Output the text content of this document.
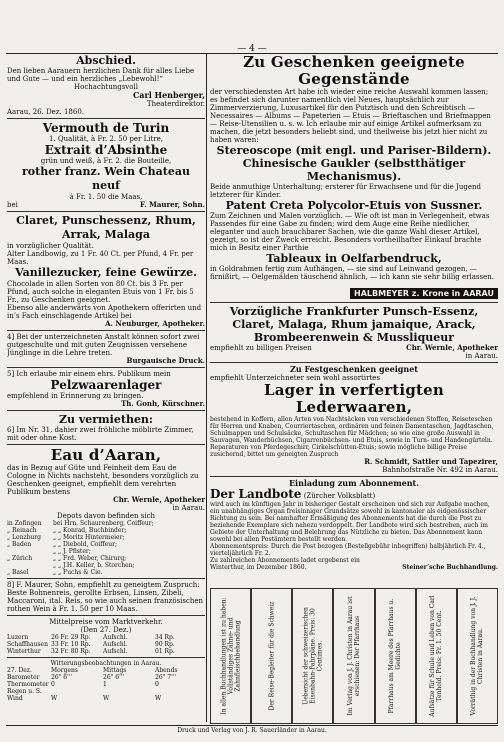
— 4 —

Abschied.

Den lieben Aarauern herzlichen Dank für alles Liebe und Gute — und ein herzliches „Lebewohl!“

Hochachtungsvoll

Carl Henberger,

Theaterdirektor.

Aarau, 26. Dez. 1860.

Vermouth de Turin

1. Qualität, à Fr. 2. 50 per Litre,

Extrait d’Absinthe

grün und weiß, à Fr. 2. die Bouteille,

rother franz. Wein Chateau neuf

à Fr. 1. 50 die Maas,

bei	F. Maurer, Sohn.

Claret, Punschessenz, Rhum,

Arrak, Malaga

in vorzüglicher Qualität.

Alter Landbowig, zu 1 Fr. 40 Ct. per Pfund, 4 Fr. per Maas.

Vanillezucker, feine Gewürze.

Chocolade in allen Sorten von 80 Ct. bis 3 Fr. per Pfund, auch solche in eleganten Etuis von 1 Fr. bis 5 Fr., zu Geschenken geeignet.

Ebenso alle anderwärts von Apothekern offerirten und in’s Fach einschlagende Artikel bei

A. Neuburger, Apotheker.

4] Bei der unterzeichneten Anstalt können sofort zwei gutgeschulte und mit guten Zeugnissen versehene Jünglinge in die Lehre treten.

Burgauische Druck.

5] Ich erlaube mir einem ehrs. Publikum mein

Pelzwaarenlager

empfehlend in Erinnerung zu bringen.

Th. Gonh, Kürschner.

Zu vermiethen:

6] Im Nr. 31, dahier zwei fröhliche möblirte Zimmer, mit oder ohne Kost.

Eau d’Aaran,

das in Bezug auf Güte und Feinheit dem Eau de Cologne in Nichts nachsteht, besonders vorzüglich zu Geschenken geeignet, empfiehlt dem verehrten Publikum bestens

Chr. Wernle, Apotheker

in Aarau.

Depots davon befinden sich

in Zofingen	bei Hrn. Schaurenberg, Coiffeur;
„ Reinach	„ „ Konrad, Buchbinder;
„ Lenzburg	„ „ Moritz Hintermeier;
„ Baden	„ „ Diebold, Coiffeur;
„ „ J. Pfister;
„ Zürich	„ „ Frd. Weber, Chirurg;
„ „ J.H. Keller, b. Storchen;
„ Basel	„ „ Fuchs & Cie.

8] F. Maurer, Sohn, empfiehlt zu geneigtem Zuspruch:

Beste Bohnenreis, gerollte Erbsen, Linsen, Zibeli, Maccaroni, ital. Reis, so wie auch seinen französischen rothen Wein à Fr. 1. 50 per 10 Maas.

Mittelpreise vom Marktverkehr.

(Den 27. Dez.)

Luzern	26 Fr. 29 Rp.	Aufschl.	34 Rp.
Schaffhausen 33 Fr. 10 Rp.	Aufschl.	90 Rp.
Winterthur	32 Fr. 80 Rp.	Aufschl.	01 Rp.

Witterungsbeobachtungen in Aarau.

27. Dez.	Morgens	Mittags	Abends
Barometer	26" 6'''	26" 6'''	26" 7'''
Thermometer 0	1	0
Regen u. S.
Wind	W	W	W

Zu Geschenken geeignete Gegenstände

der verschiedensten Art habe ich wieder eine reiche Auswahl kommen lassen; es befindet sich darunter namentlich viel Neues, hauptsächlich zur Zimmerverzierung, Luxusartikel für den Putztisch und den Schreibtisch — Necessaires — Albums — Papeterien — Etuis — Brieftaschen und Briefmappen — Reise-Utensilien u. s. w. Ich erlaube mir auf einige Artikel aufmerksam zu machen, die jetzt besonders beliebt sind, und theilweise bis jetzt hier nicht zu haben waren:

Stereoscope (mit engl. und Pariser-Bildern).

Chinesische Gaukler (selbstthätiger Mechanismus).

Beide anmuthige Unterhaltung; ersterer für Erwachsene und für die Jugend letzterer für Kinder.

Patent Creta Polycolor-Etuis von Sussner.

Zum Zeichnen und Malen vorzüglich. — Wie oft ist man in Verlegenheit, etwas Passendes für eine Gabe zu finden; wird dem Auge eine Reihe niedlicher, eleganter und auch brauchbarer Sachen, wie die ganze Wahl dieser Artikel, gezeigt, so ist der Zweck erreicht. Besonders vortheilhafter Einkauf brachte mich in Besitz einer Parthie

Tableaux in Oelfarbendruck,

in Goldrahmen fertig zum Aufhängen, — sie sind auf Leinwand gezogen, — firnißirt, — Oelgemälden täuschend ähnlich, — ich kann sie sehr billig erlassen.

HALBMEYER z. Krone in AARAU

Vorzügliche Frankfurter Punsch-Essenz,

Claret, Malaga, Rhum jamaique, Arack,

Brombeerenwein & Mussliqueur

empfiehlt zu billigen Preisen	Chr. Wernle, Apotheker

in Aarau.

Zu Festgeschenken geeignet

empfiehlt Unterzeichneter sein wohl assortirtes

Lager in verfertigten Lederwaaren,

bestehend in Koffern, allen Arten von Nachtsäcken von verschiedenen Stoffen, Reiseteschen für Herren und Knaben, Courriertaschen, ordinären und feinen Damentaschen, Jagdtaschen, Schulmappen und Schulsäcke, Schultaschen für Mädchen; so wie eine große Auswahl in Sauvagen, Wanderbüchsen, Cigarrenbüchsen- und Etuis, sowie in Turn- und Handengürteln. Reparaturen von Pferdegeschirr, Cirkelschütten-Etuis; sowie mögliche billige Preise zusichernd, bittet um geneigten Zuspruch

R. Schmidt, Sattler und Tapezirer,

Bahnhofstraße Nr. 492 in Aarau.

Einladung zum Abonnement.

Der Landbote (Zürcher Volksblatt)

wird auch im künftigen Jahr in bisheriger Gestalt erscheinen und sich zur Aufgabe machen, ein unabhängiges Organ freisinniger Grundsätze sowohl in kantonaler als eidgenössischer Richtung zu sein. Bei namhafter Ermäßigung des Abonnements hat die durch die Post zu beziehende Exemplare sich nahezu verdoppelt. Der Landbote wird sich bestreben, auch im Gebiete der Unterhaltung und Belehrung das Nützliche zu bieten. Das Abonnement kann sowohl bei allen Postämtern bestellt werden.

Abonnementspreis: Durch die Post bezogen (Bestellgebühr inbegriffen) halbjährlich Fr. 4., vierteljährlich Fr. 2.

Zu zahlreichen Abonnements ladet ergebenst ein

Winterthur, im Dezember 1860.	Steiner’sche Buchhandlung.

In allen Buchhandlungen ist zu haben: Vollständiges Zähne- und Zahnfleischbehandlung	Der Reise-Begleiter für die Schweiz	Uebersicht der schweizerischen Eisenbahn-Fahrpläne. Preis: 30 Centimes.	Im Verlag von J. J. Christen in Aarau ist erschienen: Der Pfarrhaus	Pfarrhaus am Meere des Pfarrhaus u. Gedichte	Aufsätze für Schule und Leben von Carl Tenhold. Preis: Fr. 1. 50 Cent.	Vorräthig in der Buchhandlung von J. J. Christen in Aarau.
Druck und Verlag von J. R. Sauerländer in Aarau.
